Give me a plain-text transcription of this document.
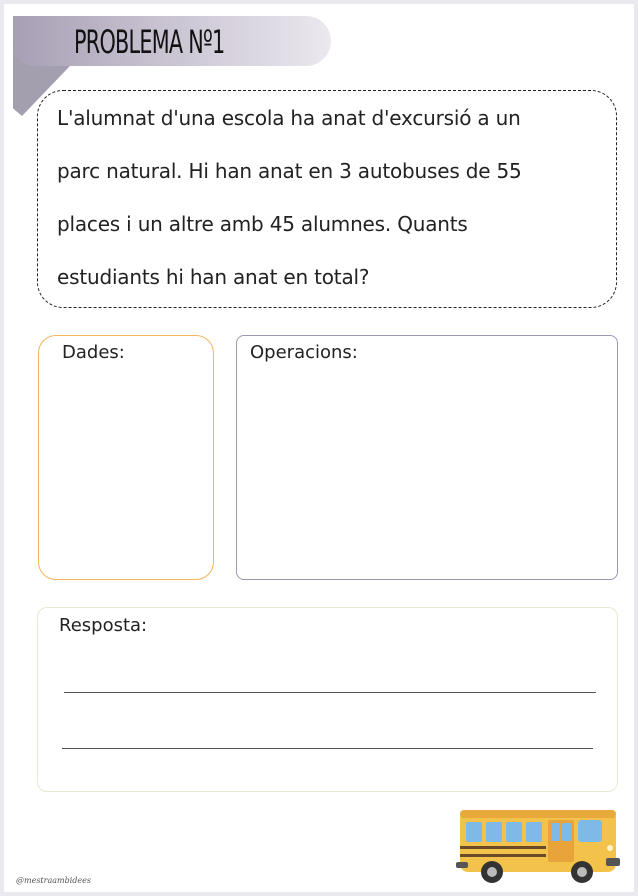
PROBLEMA Nº1
L'alumnat d'una escola ha anat d'excursió a un
parc natural. Hi han anat en 3 autobuses de 55
places i un altre amb 45 alumnes. Quants
estudiants hi han anat en total?
Dades:	Operacions:
Resposta:
@mestraambidees
